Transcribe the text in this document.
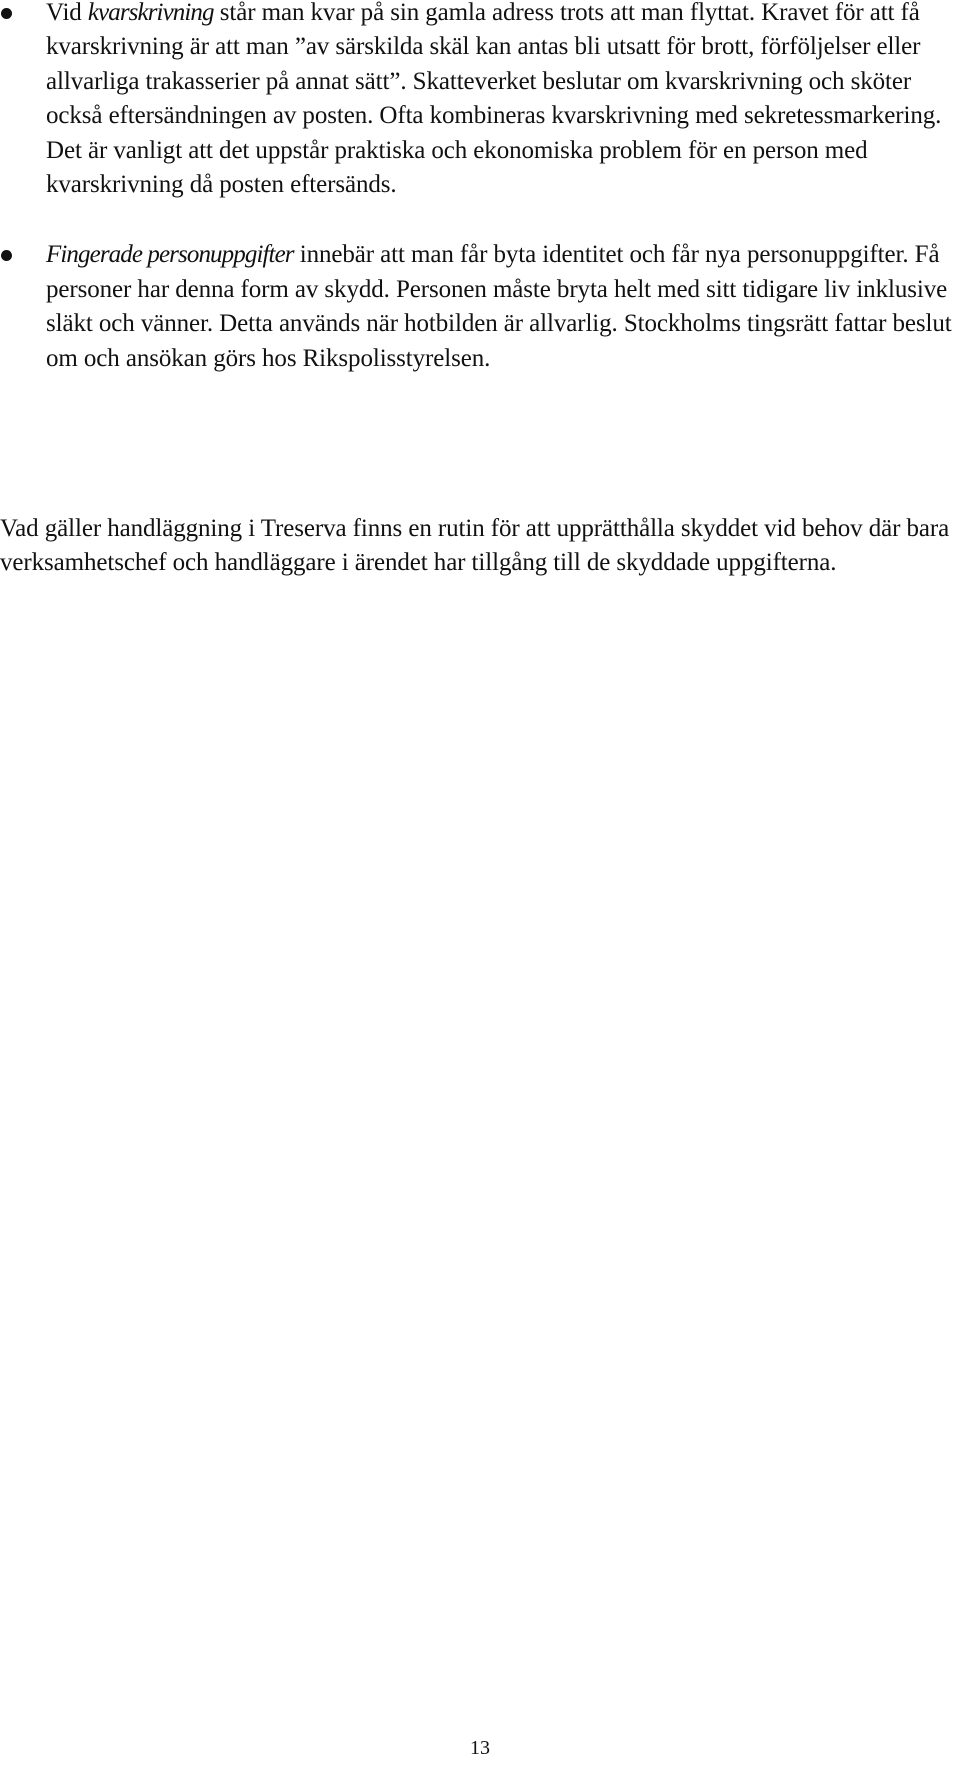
Vid kvarskrivning står man kvar på sin gamla adress trots att man flyttat. Kravet för att få kvarskrivning är att man ”av särskilda skäl kan antas bli utsatt för brott, förföljelser eller allvarliga trakasserier på annat sätt”. Skatteverket beslutar om kvarskrivning och sköter också eftersändningen av posten. Ofta kombineras kvarskrivning med sekretessmarkering. Det är vanligt att det uppstår praktiska och ekonomiska problem för en person med kvarskrivning då posten eftersänds.
Fingerade personuppgifter innebär att man får byta identitet och får nya personuppgifter. Få personer har denna form av skydd. Personen måste bryta helt med sitt tidigare liv inklusive släkt och vänner. Detta används när hotbilden är allvarlig. Stockholms tingsrätt fattar beslut om och ansökan görs hos Rikspolisstyrelsen.

Vad gäller handläggning i Treserva finns en rutin för att upprätthålla skyddet vid behov där bara verksamhetschef och handläggare i ärendet har tillgång till de skyddade uppgifterna.

13
